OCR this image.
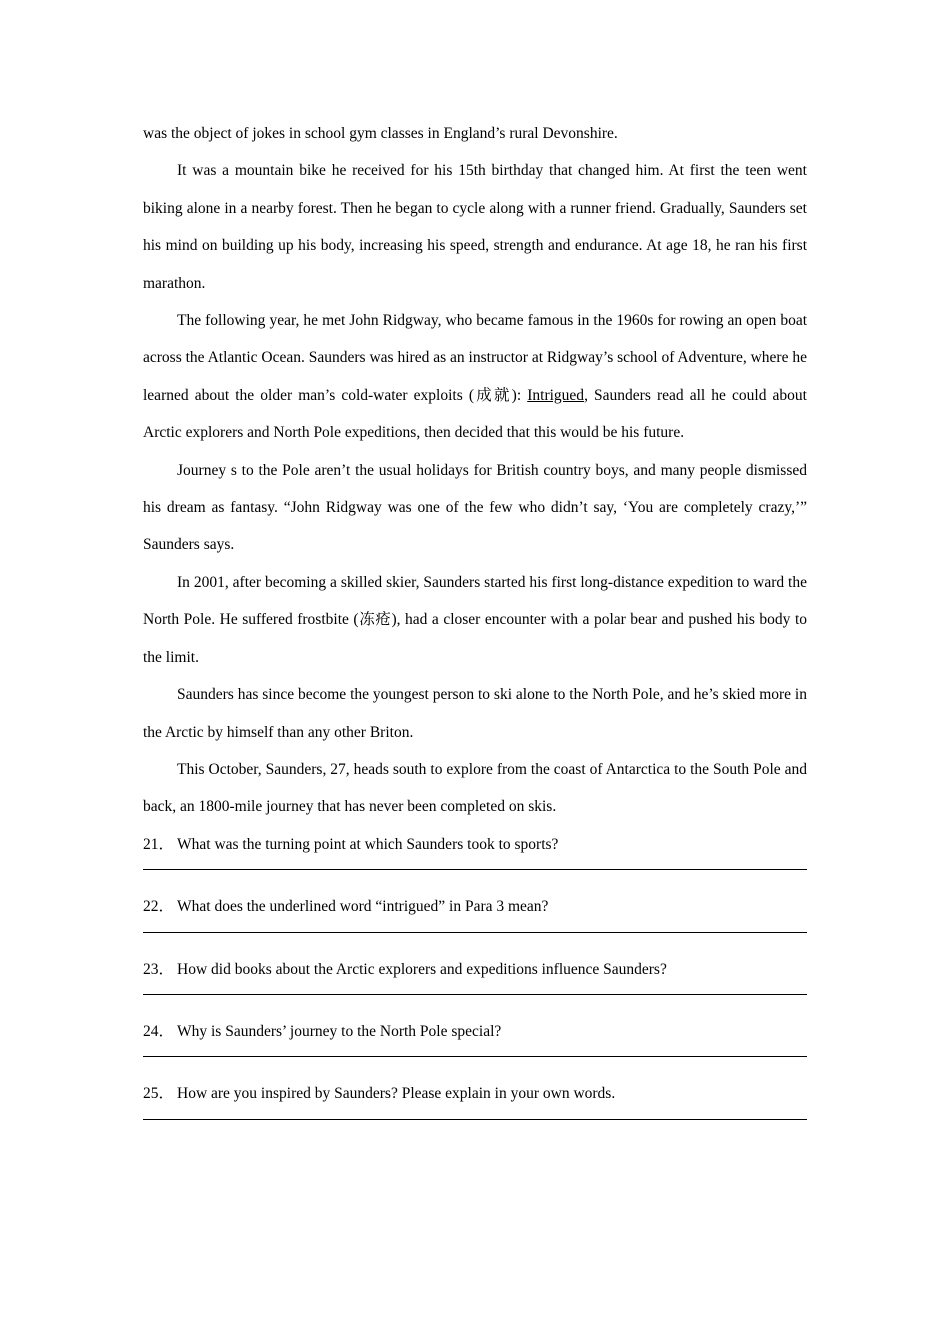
was the object of jokes in school gym classes in England’s rural Devonshire.

It was a mountain bike he received for his 15th birthday that changed him. At first the teen went biking alone in a nearby forest. Then he began to cycle along with a runner friend. Gradually, Saunders set his mind on building up his body, increasing his speed, strength and endurance. At age 18, he ran his first marathon.

The following year, he met John Ridgway, who became famous in the 1960s for rowing an open boat across the Atlantic Ocean. Saunders was hired as an instructor at Ridgway’s school of Adventure, where he learned about the older man’s cold-water exploits (成就): Intrigued, Saunders read all he could about Arctic explorers and North Pole expeditions, then decided that this would be his future.

Journey s to the Pole aren’t the usual holidays for British country boys, and many people dismissed his dream as fantasy. “John Ridgway was one of the few who didn’t say, ‘You are completely crazy,’” Saunders says.

In 2001, after becoming a skilled skier, Saunders started his first long-distance expedition to ward the North Pole. He suffered frostbite (冻疮), had a closer encounter with a polar bear and pushed his body to the limit.

Saunders has since become the youngest person to ski alone to the North Pole, and he’s skied more in the Arctic by himself than any other Briton.

This October, Saunders, 27, heads south to explore from the coast of Antarctica to the South Pole and back, an 1800-mile journey that has never been completed on skis.

21． What was the turning point at which Saunders took to sports?

22． What does the underlined word “intrigued” in Para 3 mean?

23． How did books about the Arctic explorers and expeditions influence Saunders?

24． Why is Saunders’ journey to the North Pole special?

25． How are you inspired by Saunders? Please explain in your own words.
